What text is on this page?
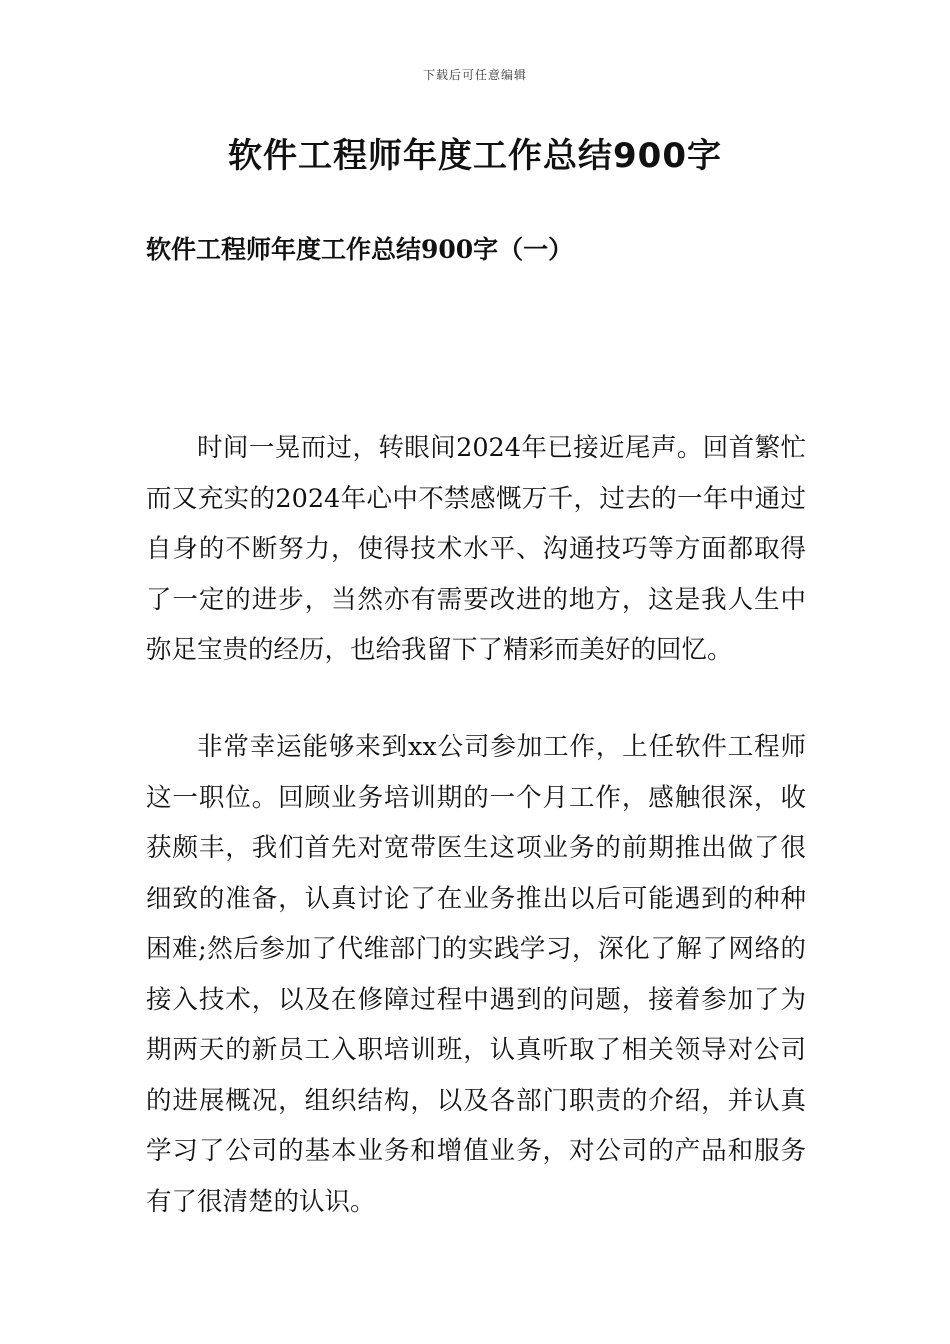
下载后可任意编辑
软件工程师年度工作总结900字
软件工程师年度工作总结900字（一）

时间一晃而过，转眼间2024年已接近尾声。回首繁忙而又充实的2024年心中不禁感慨万千，过去的一年中通过自身的不断努力，使得技术水平、沟通技巧等方面都取得了一定的进步，当然亦有需要改进的地方，这是我人生中弥足宝贵的经历，也给我留下了精彩而美好的回忆。

非常幸运能够来到xx公司参加工作，上任软件工程师这一职位。回顾业务培训期的一个月工作，感触很深，收获颇丰，我们首先对宽带医生这项业务的前期推出做了很细致的准备，认真讨论了在业务推出以后可能遇到的种种困难;然后参加了代维部门的实践学习，深化了解了网络的接入技术，以及在修障过程中遇到的问题，接着参加了为期两天的新员工入职培训班，认真听取了相关领导对公司的进展概况，组织结构，以及各部门职责的介绍，并认真学习了公司的基本业务和增值业务，对公司的产品和服务有了很清楚的认识。
